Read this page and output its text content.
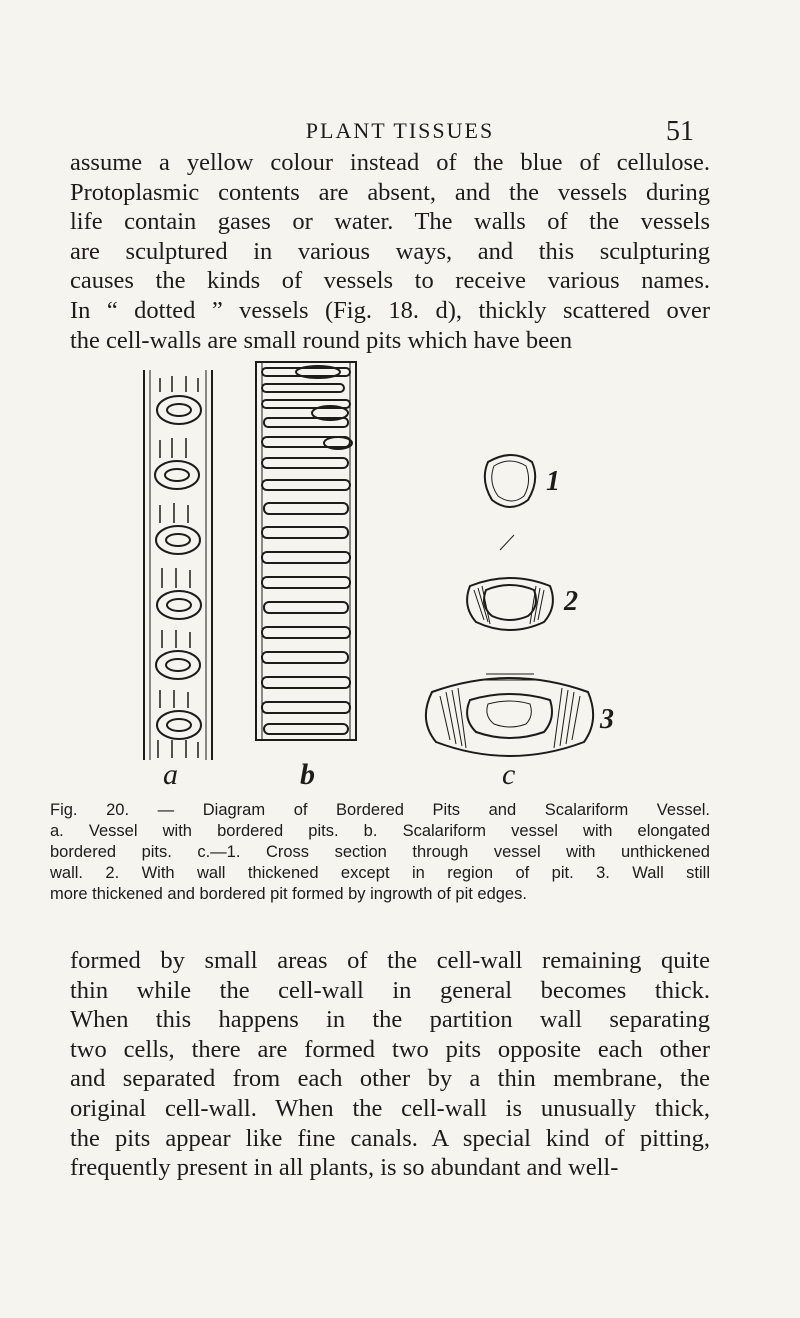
PLANT TISSUES	51

assume a yellow colour instead of the blue of cellulose.
Protoplasmic contents are absent, and the vessels during
life contain gases or water. The walls of the vessels
are sculptured in various ways, and this sculpturing
causes the kinds of vessels to receive various names.
In “ dotted ” vessels (Fig. 18. d), thickly scattered over
the cell-walls are small round pits which have been

a	b	c
1
2
3

Fig. 20. — Diagram of Bordered Pits and Scalariform Vessel.
a. Vessel with bordered pits. b. Scalariform vessel with elongated
bordered pits. c.—1. Cross section through vessel with unthickened
wall. 2. With wall thickened except in region of pit. 3. Wall still
more thickened and bordered pit formed by ingrowth of pit edges.

formed by small areas of the cell-wall remaining quite
thin while the cell-wall in general becomes thick.
When this happens in the partition wall separating
two cells, there are formed two pits opposite each other
and separated from each other by a thin membrane, the
original cell-wall. When the cell-wall is unusually thick,
the pits appear like fine canals. A special kind of pitting,
frequently present in all plants, is so abundant and well-
